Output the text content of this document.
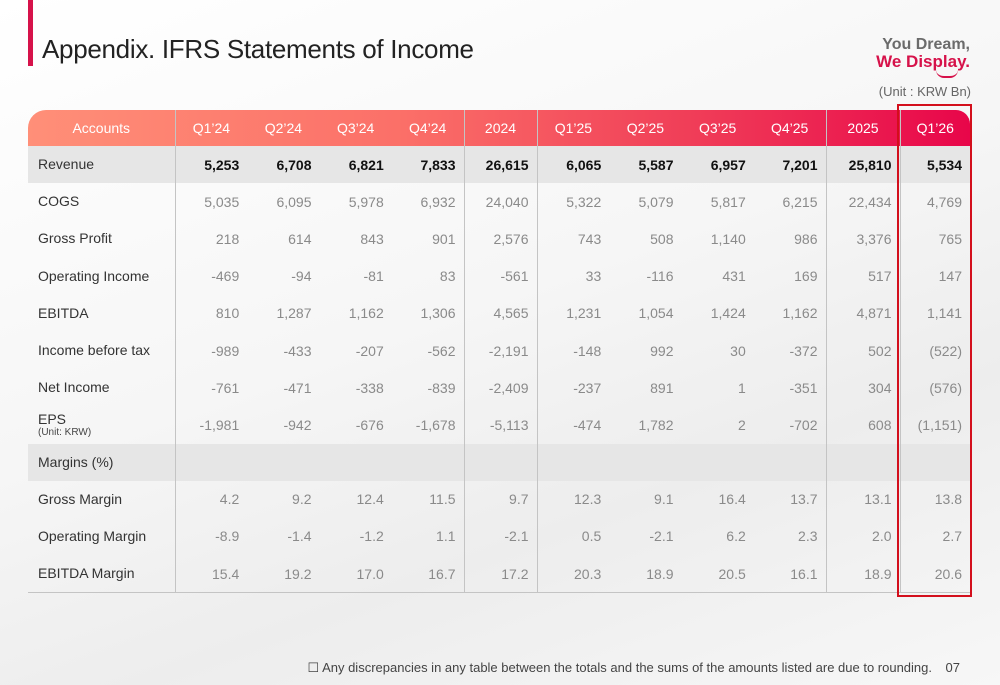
Appendix. IFRS Statements of Income	You Dream,
We Display.
(Unit : KRW Bn)
Accounts	Q1’24	Q2’24	Q3’24	Q4’24	2024	Q1’25	Q2’25	Q3’25	Q4’25	2025	Q1’26

Revenue	5,253	6,708	6,821	7,833	26,615	6,065	5,587	6,957	7,201	25,810	5,534

COGS	5,035	6,095	5,978	6,932	24,040	5,322	5,079	5,817	6,215	22,434	4,769

Gross Profit	218	614	843	901	2,576	743	508	1,140	986	3,376	765

Operating Income	-469	-94	-81	83	-561	33	-116	431	169	517	147

EBITDA	810	1,287	1,162	1,306	4,565	1,231	1,054	1,424	1,162	4,871	1,141

Income before tax	-989	-433	-207	-562	-2,191	-148	992	30	-372	502	(522)

Net Income	-761	-471	-338	-839	-2,409	-237	891	1	-351	304	(576)

EPS
(Unit: KRW)	-1,981	-942	-676	-1,678	-5,113	-474	1,782	2	-702	608	(1,151)

Margins (%)											

Gross Margin	4.2	9.2	12.4	11.5	9.7	12.3	9.1	16.4	13.7	13.1	13.8

Operating Margin	-8.9	-1.4	-1.2	1.1	-2.1	0.5	-2.1	6.2	2.3	2.0	2.7

EBITDA Margin	15.4	19.2	17.0	16.7	17.2	20.3	18.9	20.5	16.1	18.9	20.6
☐ Any discrepancies in any table between the totals and the sums of the amounts listed are due to rounding. 07
